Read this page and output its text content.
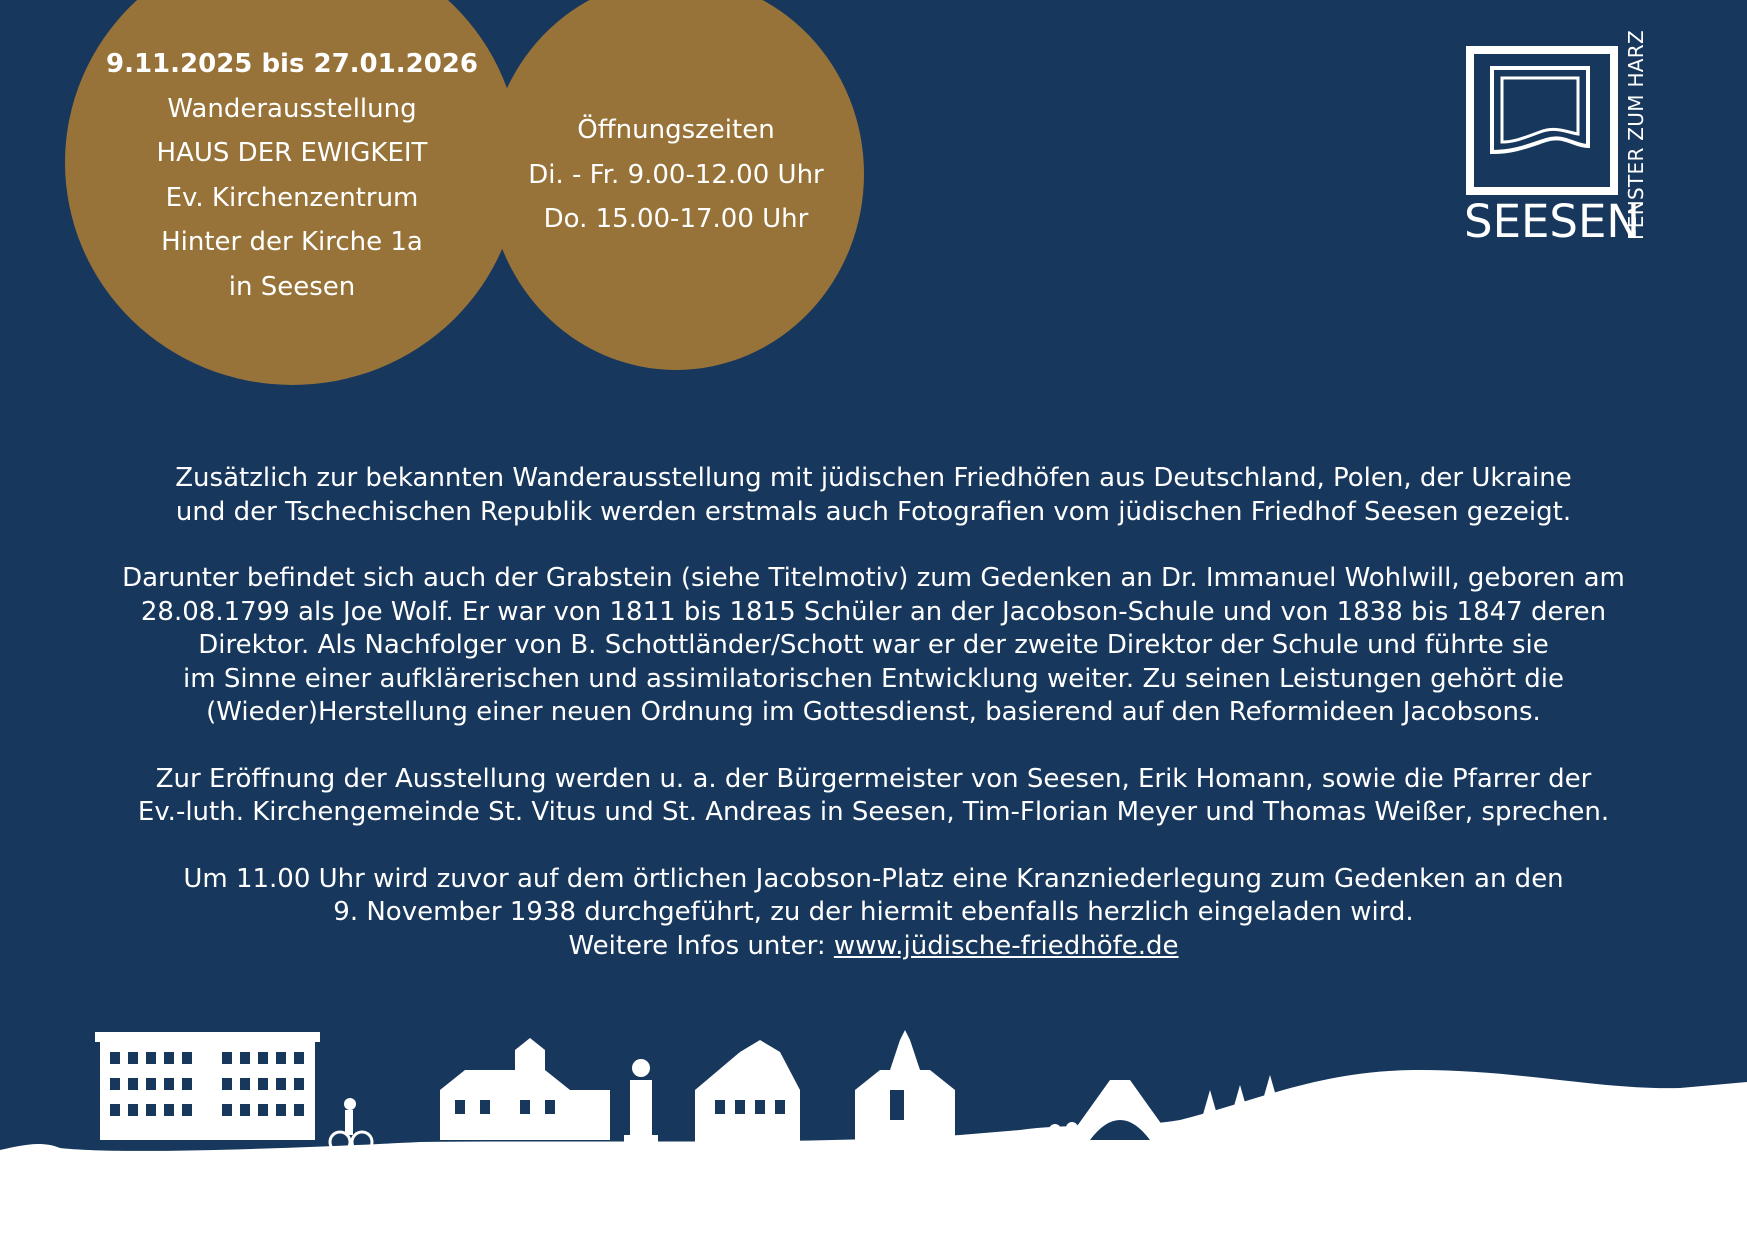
9.11.2025 bis 27.01.2026
Wanderausstellung
HAUS DER EWIGKEIT
Ev. Kirchenzentrum
Hinter der Kirche 1a
in Seesen
Öffnungszeiten
Di. - Fr. 9.00-12.00 Uhr
Do. 15.00-17.00 Uhr	SEESEN
FENSTER ZUM HARZ

Zusätzlich zur bekannten Wanderausstellung mit jüdischen Friedhöfen aus Deutschland, Polen, der Ukraine
und der Tschechischen Republik werden erstmals auch Fotografien vom jüdischen Friedhof Seesen gezeigt.

Darunter befindet sich auch der Grabstein (siehe Titelmotiv) zum Gedenken an Dr. Immanuel Wohlwill, geboren am
28.08.1799 als Joe Wolf. Er war von 1811 bis 1815 Schüler an der Jacobson-Schule und von 1838 bis 1847 deren
Direktor. Als Nachfolger von B. Schottländer/Schott war er der zweite Direktor der Schule und führte sie
im Sinne einer aufklärerischen und assimilatorischen Entwicklung weiter. Zu seinen Leistungen gehört die
(Wieder)Herstellung einer neuen Ordnung im Gottesdienst, basierend auf den Reformideen Jacobsons.

Zur Eröffnung der Ausstellung werden u. a. der Bürgermeister von Seesen, Erik Homann, sowie die Pfarrer der
Ev.-luth. Kirchengemeinde St. Vitus und St. Andreas in Seesen, Tim-Florian Meyer und Thomas Weißer, sprechen.

Um 11.00 Uhr wird zuvor auf dem örtlichen Jacobson-Platz eine Kranzniederlegung zum Gedenken an den
9. November 1938 durchgeführt, zu der hiermit ebenfalls herzlich eingeladen wird.
Weitere Infos unter: www.jüdische-friedhöfe.de
